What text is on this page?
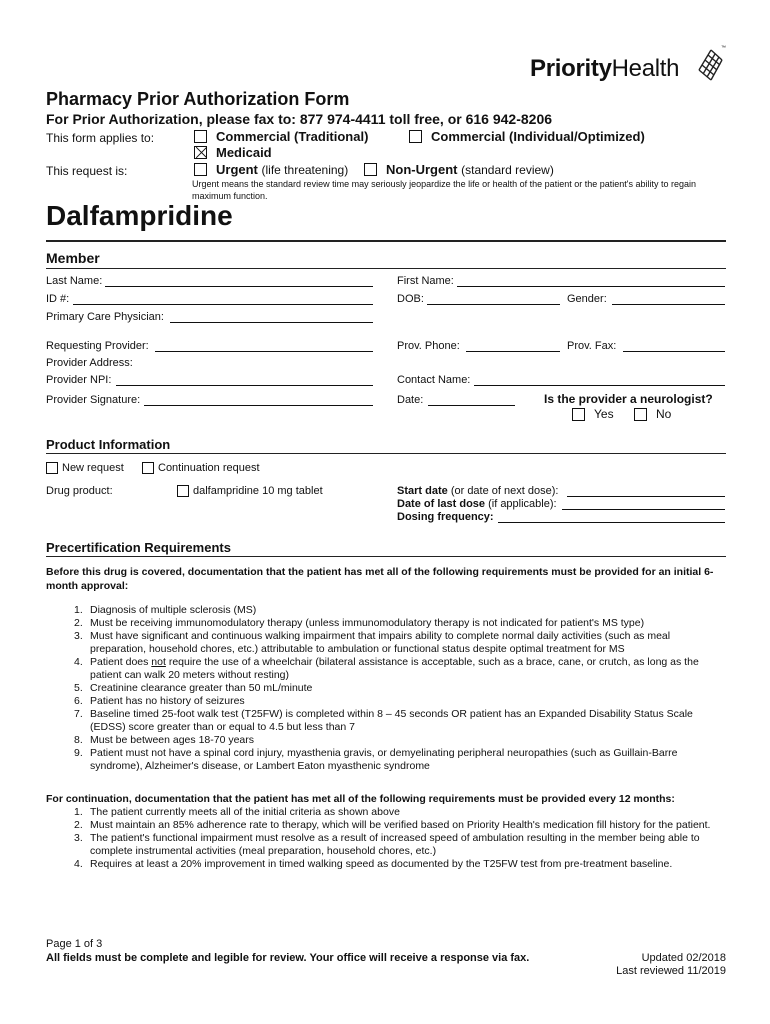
PriorityHealth
™
Pharmacy Prior Authorization Form
For Prior Authorization, please fax to: 877 974-4411 toll free, or 616 942-8206
This form applies to:	Commercial (Traditional)	Commercial (Individual/Optimized)
Medicaid
This request is:	Urgent (life threatening)	Non-Urgent (standard review)
Urgent means the standard review time may seriously jeopardize the life or health of the patient or the patient's ability to regain maximum function.
Dalfampridine
Member
Last Name:	First Name:
ID #:	DOB:	Gender:
Primary Care Physician:
Requesting Provider:	Prov. Phone:	Prov. Fax:
Provider Address:
Provider NPI:	Contact Name:
Provider Signature:	Date:	Is the provider a neurologist?
Yes	No
Product Information
New request	Continuation request
Drug product:	dalfampridine 10 mg tablet	Start date (or date of next dose):
Date of last dose (if applicable):
Dosing frequency:
Precertification Requirements
Before this drug is covered, documentation that the patient has met all of the following requirements must be provided for an initial 6-month approval:
1. Diagnosis of multiple sclerosis (MS)
2. Must be receiving immunomodulatory therapy (unless immunomodulatory therapy is not indicated for patient's MS type)
3. Must have significant and continuous walking impairment that impairs ability to complete normal daily activities (such as meal preparation, household chores, etc.) attributable to ambulation or functional status despite optimal treatment for MS
4. Patient does not require the use of a wheelchair (bilateral assistance is acceptable, such as a brace, cane, or crutch, as long as the patient can walk 20 meters without resting)
5. Creatinine clearance greater than 50 mL/minute
6. Patient has no history of seizures
7. Baseline timed 25-foot walk test (T25FW) is completed within 8 – 45 seconds OR patient has an Expanded Disability Status Scale (EDSS) score greater than or equal to 4.5 but less than 7
8. Must be between ages 18-70 years
9. Patient must not have a spinal cord injury, myasthenia gravis, or demyelinating peripheral neuropathies (such as Guillain-Barre syndrome), Alzheimer's disease, or Lambert Eaton myasthenic syndrome
For continuation, documentation that the patient has met all of the following requirements must be provided every 12 months:
1. The patient currently meets all of the initial criteria as shown above
2. Must maintain an 85% adherence rate to therapy, which will be verified based on Priority Health's medication fill history for the patient.
3. The patient's functional impairment must resolve as a result of increased speed of ambulation resulting in the member being able to complete instrumental activities (meal preparation, household chores, etc.)
4. Requires at least a 20% improvement in timed walking speed as documented by the T25FW test from pre-treatment baseline.
Page 1 of 3
All fields must be complete and legible for review. Your office will receive a response via fax.	Updated 02/2018
Last reviewed 11/2019
